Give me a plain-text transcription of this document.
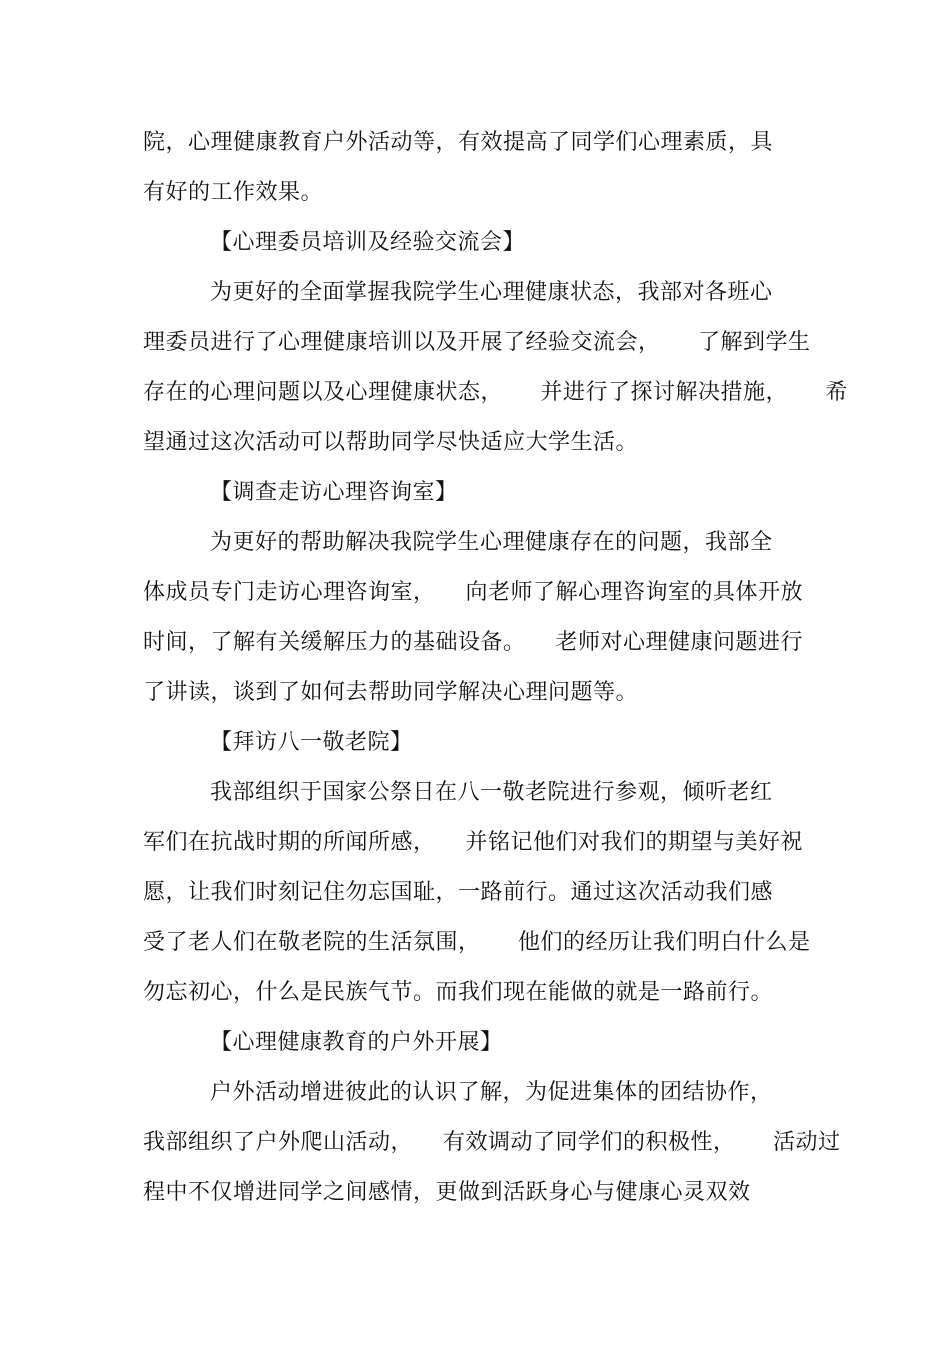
院，心理健康教育户外活动等，有效提高了同学们心理素质，具
有好的工作效果。
【心理委员培训及经验交流会】
为更好的全面掌握我院学生心理健康状态，我部对各班心
理委员进行了心理健康培训以及开展了经验交流会，     了解到学生
存在的心理问题以及心理健康状态，     并进行了探讨解决措施，     希
望通过这次活动可以帮助同学尽快适应大学生活。
【调查走访心理咨询室】
为更好的帮助解决我院学生心理健康存在的问题，我部全
体成员专门走访心理咨询室，    向老师了解心理咨询室的具体开放
时间，了解有关缓解压力的基础设备。    老师对心理健康问题进行
了讲读，谈到了如何去帮助同学解决心理问题等。
【拜访八一敬老院】
我部组织于国家公祭日在八一敬老院进行参观，倾听老红
军们在抗战时期的所闻所感，    并铭记他们对我们的期望与美好祝
愿，让我们时刻记住勿忘国耻，一路前行。通过这次活动我们感
受了老人们在敬老院的生活氛围，     他们的经历让我们明白什么是
勿忘初心，什么是民族气节。而我们现在能做的就是一路前行。
【心理健康教育的户外开展】
户外活动增进彼此的认识了解，为促进集体的团结协作，
我部组织了户外爬山活动，    有效调动了同学们的积极性，     活动过
程中不仅增进同学之间感情，更做到活跃身心与健康心灵双效
